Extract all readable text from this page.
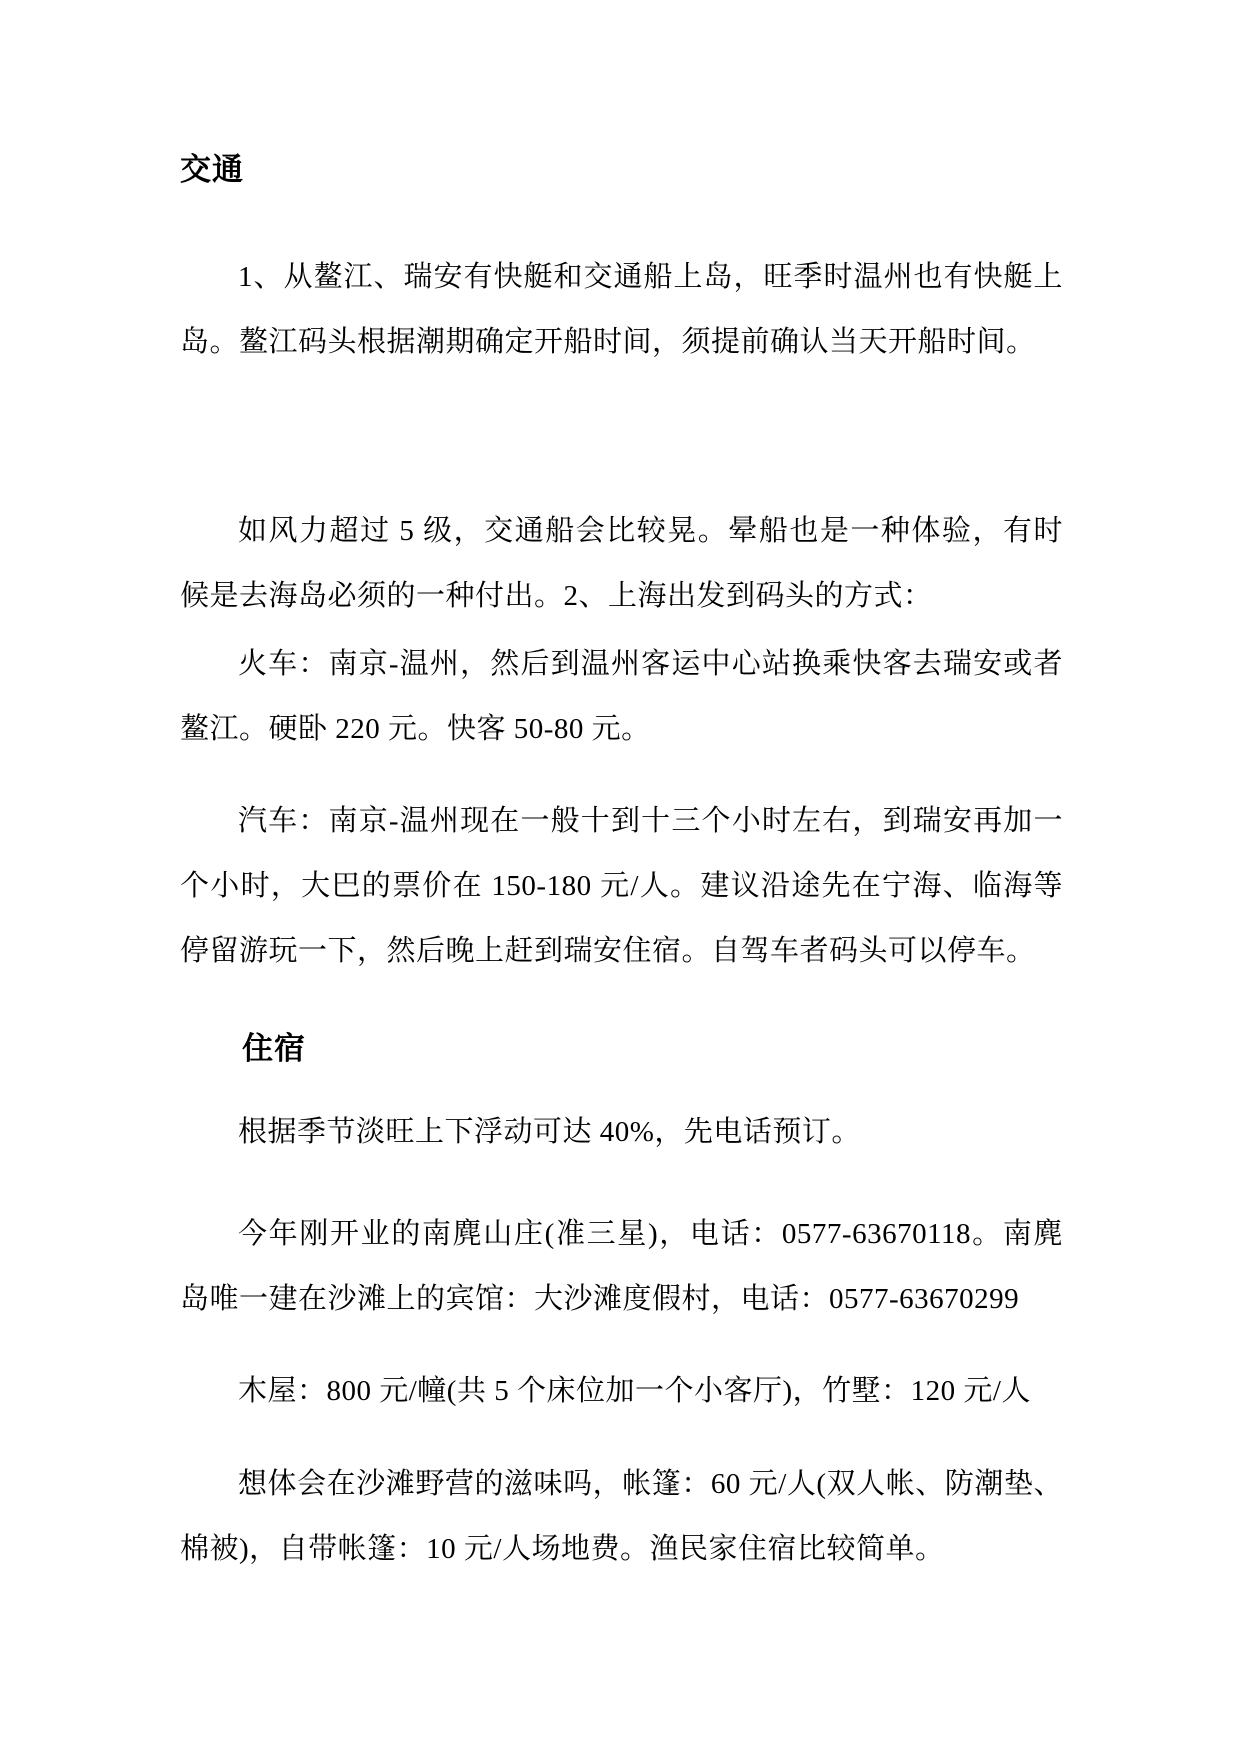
交通

1、从鳌江、瑞安有快艇和交通船上岛，旺季时温州也有快艇上岛。鳌江码头根据潮期确定开船时间，须提前确认当天开船时间。

如风力超过 5 级，交通船会比较晃。晕船也是一种体验，有时候是去海岛必须的一种付出。2、上海出发到码头的方式：

火车：南京-温州，然后到温州客运中心站换乘快客去瑞安或者鳌江。硬卧 220 元。快客 50-80 元。

汽车：南京-温州现在一般十到十三个小时左右，到瑞安再加一个小时，大巴的票价在 150-180 元/人。建议沿途先在宁海、临海等停留游玩一下，然后晚上赶到瑞安住宿。自驾车者码头可以停车。

住宿

根据季节淡旺上下浮动可达 40%，先电话预订。

今年刚开业的南麂山庄(准三星)，电话：0577-63670118。南麂岛唯一建在沙滩上的宾馆：大沙滩度假村，电话：0577-63670299

木屋：800 元/幢(共 5 个床位加一个小客厅)，竹墅：120 元/人

想体会在沙滩野营的滋味吗，帐篷：60 元/人(双人帐、防潮垫、棉被)，自带帐篷：10 元/人场地费。渔民家住宿比较简单。
